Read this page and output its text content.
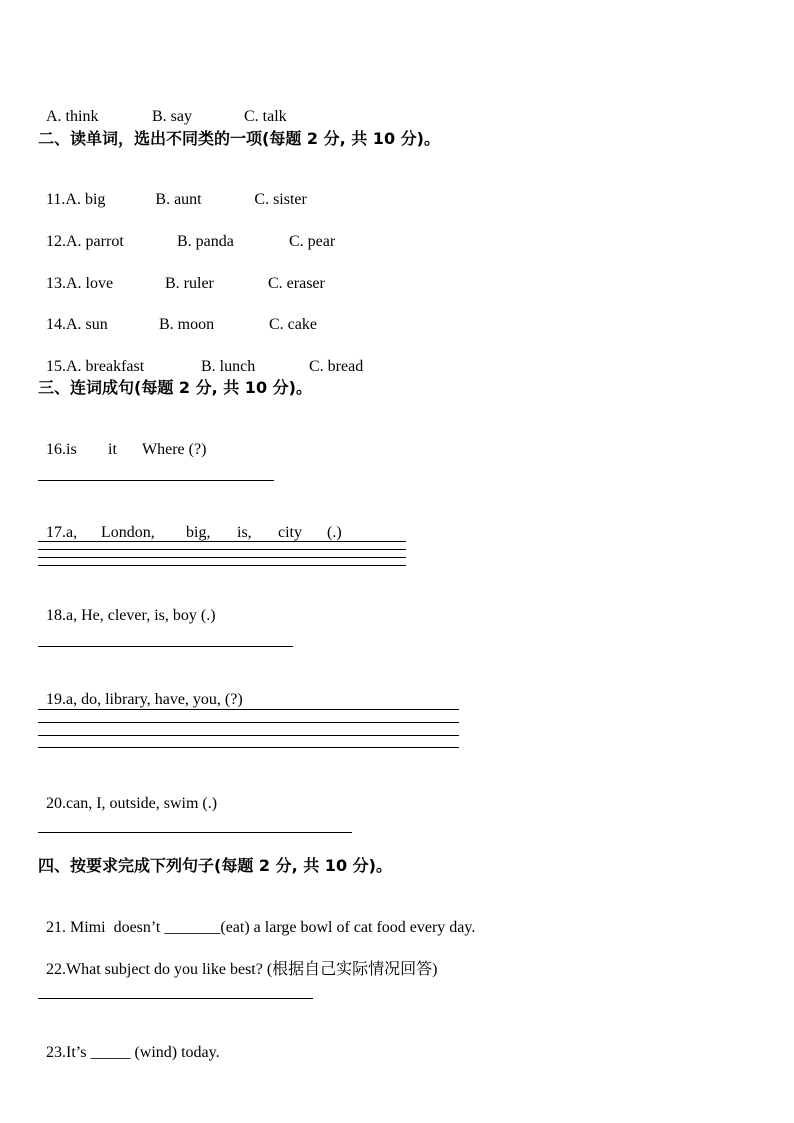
A. think	B. say	C. talk

二、读单词，选出不同类的一项(每题 2 分, 共 10 分)。

11.A. big	B. aunt	C. sister

12.A. parrot	B. panda	C. pear

13.A. love	B. ruler	C. eraser

14.A. sun	B. moon	C. cake

15.A. breakfast	B. lunch	C. bread

三、连词成句(每题 2 分, 共 10 分)。

16.is it Where (?)

17.a, London, big, is, city (.)

18.a, He, clever, is, boy (.)

19.a, do, library, have, you, (?)

20.can, I, outside, swim (.)

四、按要求完成下列句子(每题 2 分, 共 10 分)。

21. Mimi  doesn’t _______(eat) a large bowl of cat food every day.

22.What subject do you like best? (根据自己实际情况回答)

23.It’s _____ (wind) today.
